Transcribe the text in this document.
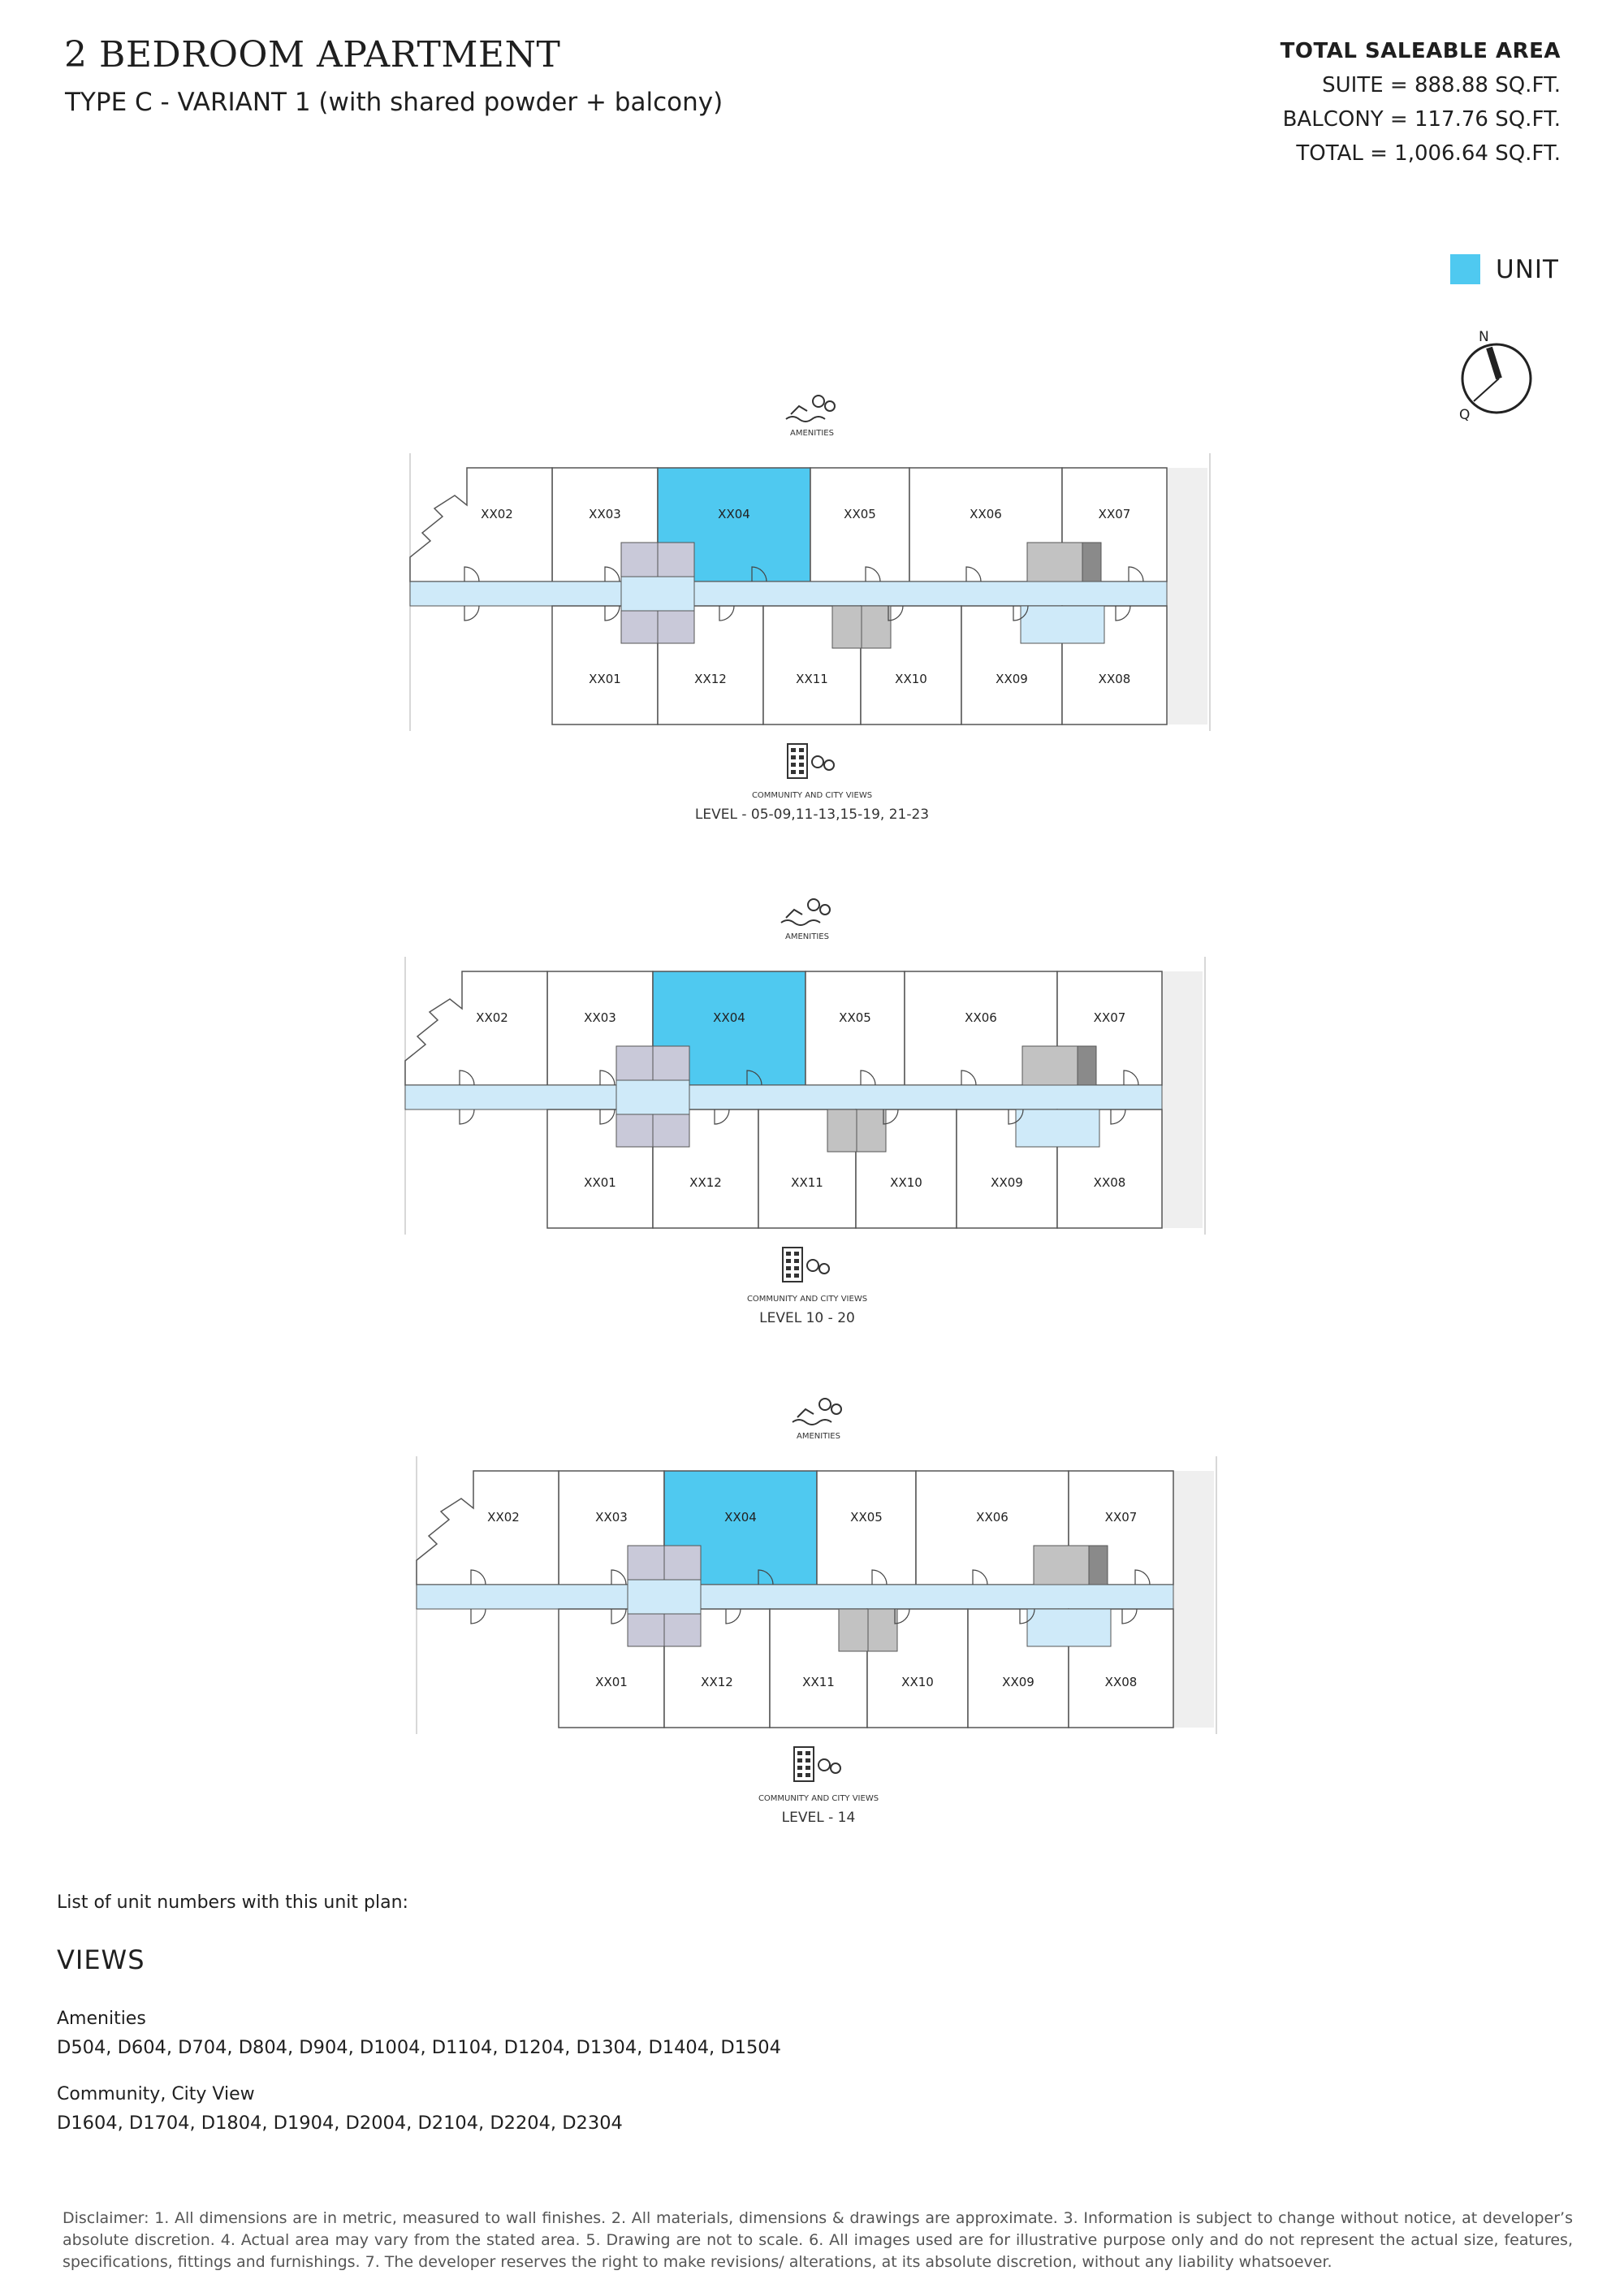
2 BEDROOM APARTMENT
TYPE C - VARIANT 1 (with shared powder + balcony)
TOTAL SALEABLE AREA
SUITE = 888.88 SQ.FT.
BALCONY = 117.76 SQ.FT.
TOTAL = 1,006.64 SQ.FT.
UNIT
N
Q
AMENITIES
XX03	XX04	XX05	XX06	XX07
XX02
XX01	XX12	XX11	XX10	XX09	XX08
COMMUNITY AND CITY VIEWS
LEVEL - 05-09,11-13,15-19, 21-23
AMENITIES
XX03	XX04	XX05	XX06	XX07
XX02
XX01	XX12	XX11	XX10	XX09	XX08
COMMUNITY AND CITY VIEWS
LEVEL 10 - 20
AMENITIES
XX03	XX04	XX05	XX06	XX07
XX02
XX01	XX12	XX11	XX10	XX09	XX08
COMMUNITY AND CITY VIEWS
LEVEL - 14
List of unit numbers with this unit plan:
VIEWS
Amenities
D504, D604, D704, D804, D904, D1004, D1104, D1204, D1304, D1404, D1504
Community, City View
D1604, D1704, D1804, D1904, D2004, D2104, D2204, D2304
Disclaimer: 1. All dimensions are in metric, measured to wall finishes. 2. All materials, dimensions & drawings are approximate. 3. Information is subject to change without notice, at developer’s absolute discretion. 4. Actual area may vary from the stated area. 5. Drawing are not to scale. 6. All images used are for illustrative purpose only and do not represent the actual size, features, specifications, fittings and furnishings. 7. The developer reserves the right to make revisions/ alterations, at its absolute discretion, without any liability whatsoever.
